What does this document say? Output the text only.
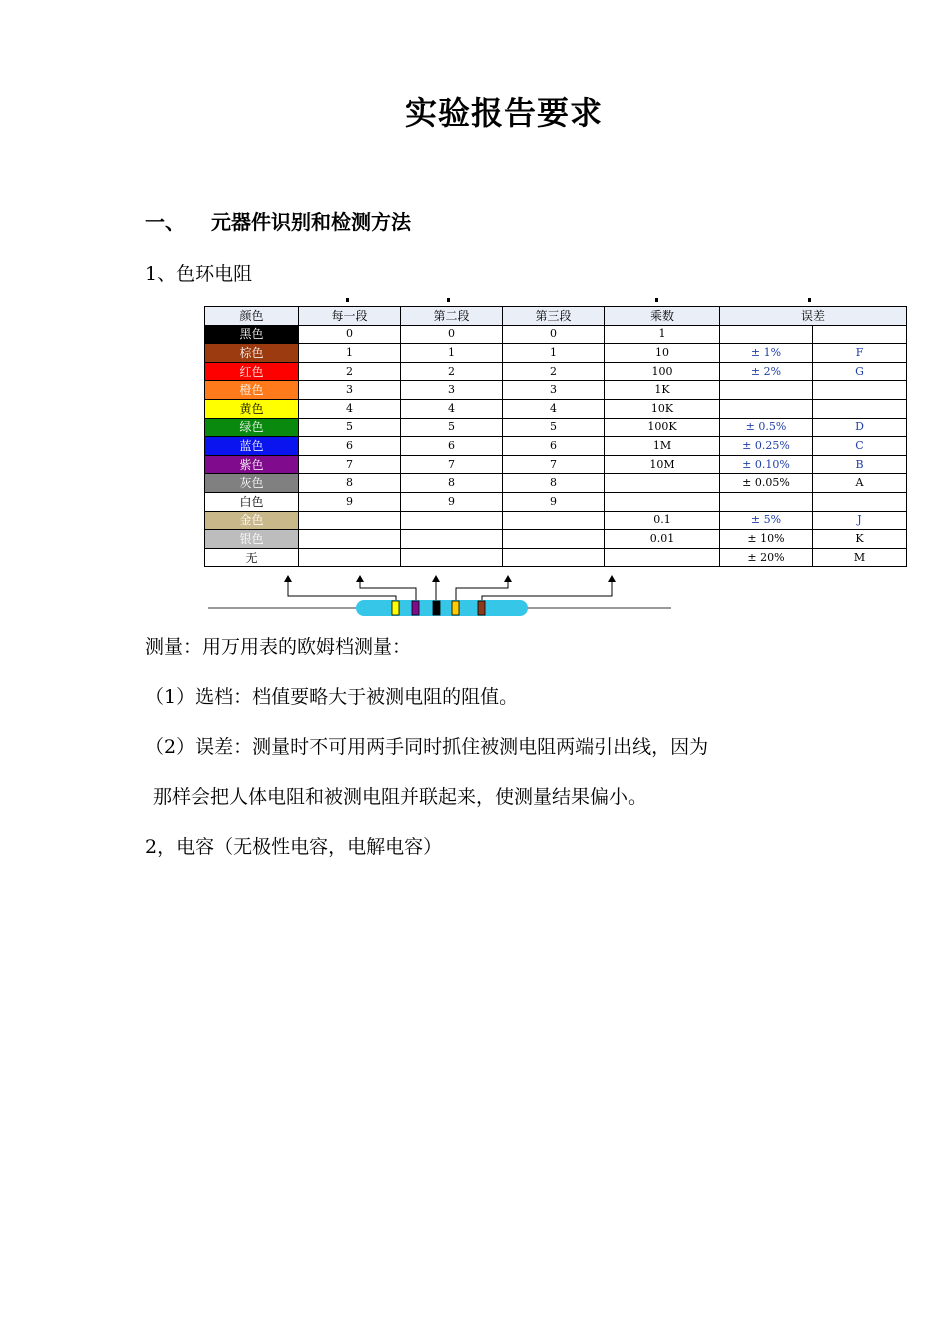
实验报告要求
一、 元器件识别和检测方法
1、色环电阻
颜色	每一段	第二段	第三段	乘数	误差	
黑色	0	0	0	1		
棕色	1	1	1	10	± 1%	F
红色	2	2	2	100	± 2%	G
橙色	3	3	3	1K		
黄色	4	4	4	10K		
绿色	5	5	5	100K	± 0.5%	D
蓝色	6	6	6	1M	± 0.25%	C
紫色	7	7	7	10M	± 0.10%	B
灰色	8	8	8		± 0.05%	A
白色	9	9	9			
金色				0.1	± 5%	J
银色				0.01	± 10%	K
无					± 20%	M
测量：用万用表的欧姆档测量：
（1）选档：档值要略大于被测电阻的阻值。
（2）误差：测量时不可用两手同时抓住被测电阻两端引出线，因为
那样会把人体电阻和被测电阻并联起来，使测量结果偏小。
2，电容（无极性电容，电解电容）
